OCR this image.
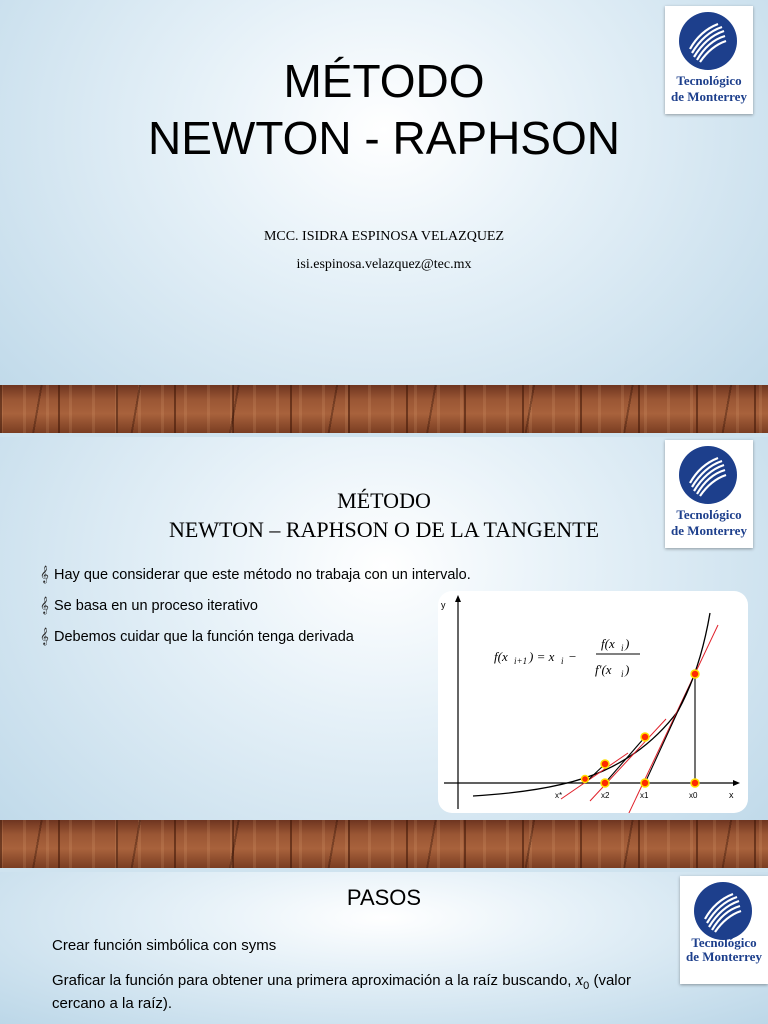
MÉTODO
NEWTON - RAPHSON
MCC. ISIDRA ESPINOSA VELAZQUEZ
isi.espinosa.velazquez@tec.mx
Tecnológico
de Monterrey
Tecnológico
de Monterrey
MÉTODO
NEWTON – RAPHSON O DE LA TANGENTE
𝄞 Hay que considerar que este método no trabaja con un intervalo.
𝄞 Se basa en un proceso iterativo
𝄞 Debemos cuidar que la función tenga derivada
y
x
x*	x2	x1	x0
f(x i+1 ) = x i −
f(x i )
f′(x i )
Tecnológico
de Monterrey
PASOS
Crear función simbólica con syms
Graficar la función para obtener una primera aproximación a la raíz buscando, $x_0$ (valor
cercano a la raíz).
